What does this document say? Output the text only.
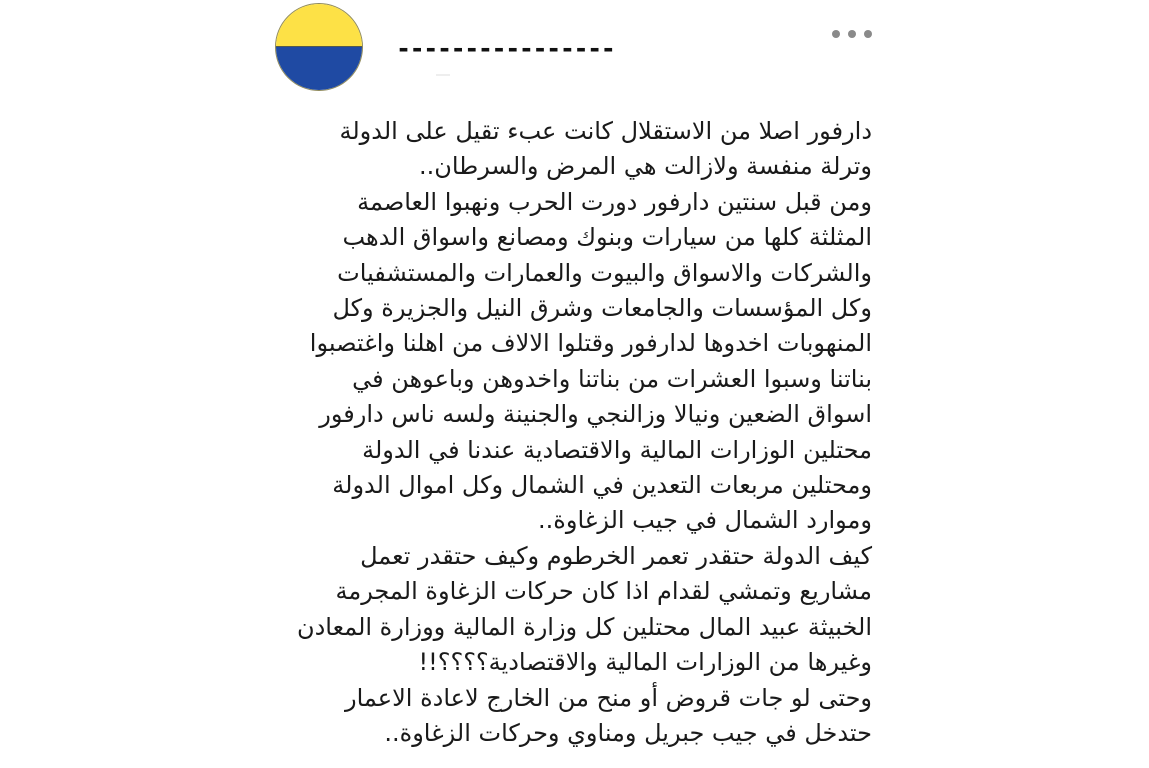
----------------
دارفور اصلا من الاستقلال كانت عبء تقيل على الدولة
وترلة منفسة ولازالت هي المرض والسرطان..
ومن قبل سنتين دارفور دورت الحرب ونهبوا العاصمة
المثلثة كلها من سيارات وبنوك ومصانع واسواق الدهب
والشركات والاسواق والبيوت والعمارات والمستشفيات
وكل المؤسسات والجامعات وشرق النيل والجزيرة وكل
المنهوبات اخدوها لدارفور وقتلوا الالاف من اهلنا واغتصبوا
بناتنا وسبوا العشرات من بناتنا واخدوهن وباعوهن في
اسواق الضعين ونيالا وزالنجي والجنينة ولسه ناس دارفور
محتلين الوزارات المالية والاقتصادية عندنا في الدولة
ومحتلين مربعات التعدين في الشمال وكل اموال الدولة
وموارد الشمال في جيب الزغاوة..
كيف الدولة حتقدر تعمر الخرطوم وكيف حتقدر تعمل
مشاريع وتمشي لقدام اذا كان حركات الزغاوة المجرمة
الخبيثة عبيد المال محتلين كل وزارة المالية ووزارة المعادن
وغيرها من الوزارات المالية والاقتصادية؟؟؟؟!!
وحتى لو جات قروض أو منح من الخارج لاعادة الاعمار
حتدخل في جيب جبريل ومناوي وحركات الزغاوة..
